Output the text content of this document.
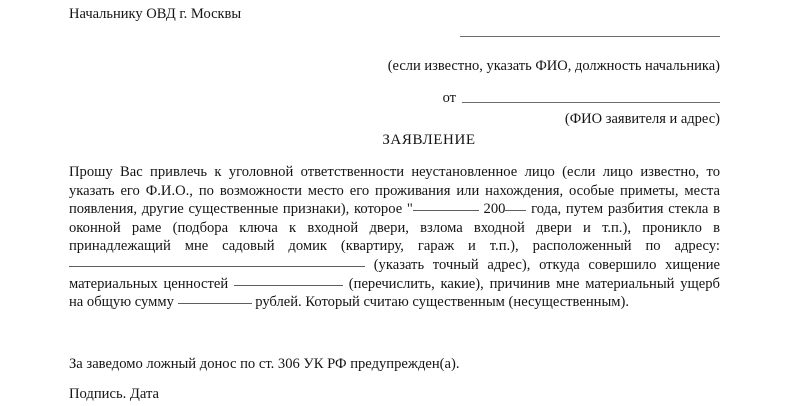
Начальнику ОВД г. Москвы
(если известно, указать ФИО, должность начальника)
от
(ФИО заявителя и адрес)
ЗАЯВЛЕНИЕ

Прошу Вас привлечь к уголовной ответственности неустановленное лицо (если лицо известно, то указать его Ф.И.О., по возможности место его проживания или нахождения, особые приметы, места появления, другие существенные признаки), которое "	200 года, путем разбития стекла в оконной раме (подбора ключа к входной двери, взлома входной двери и т.п.), проникло в принадлежащий мне садовый домик (квартиру, гараж и т.п.), расположенный по адресу: (указать точный адрес), откуда совершило хищение материальных ценностей	(перечислить, какие), причинив мне материальный ущерб на общую сумму	рублей. Который считаю существенным (несущественным).

За заведомо ложный донос по ст. 306 УК РФ предупрежден(а).
Подпись. Дата
